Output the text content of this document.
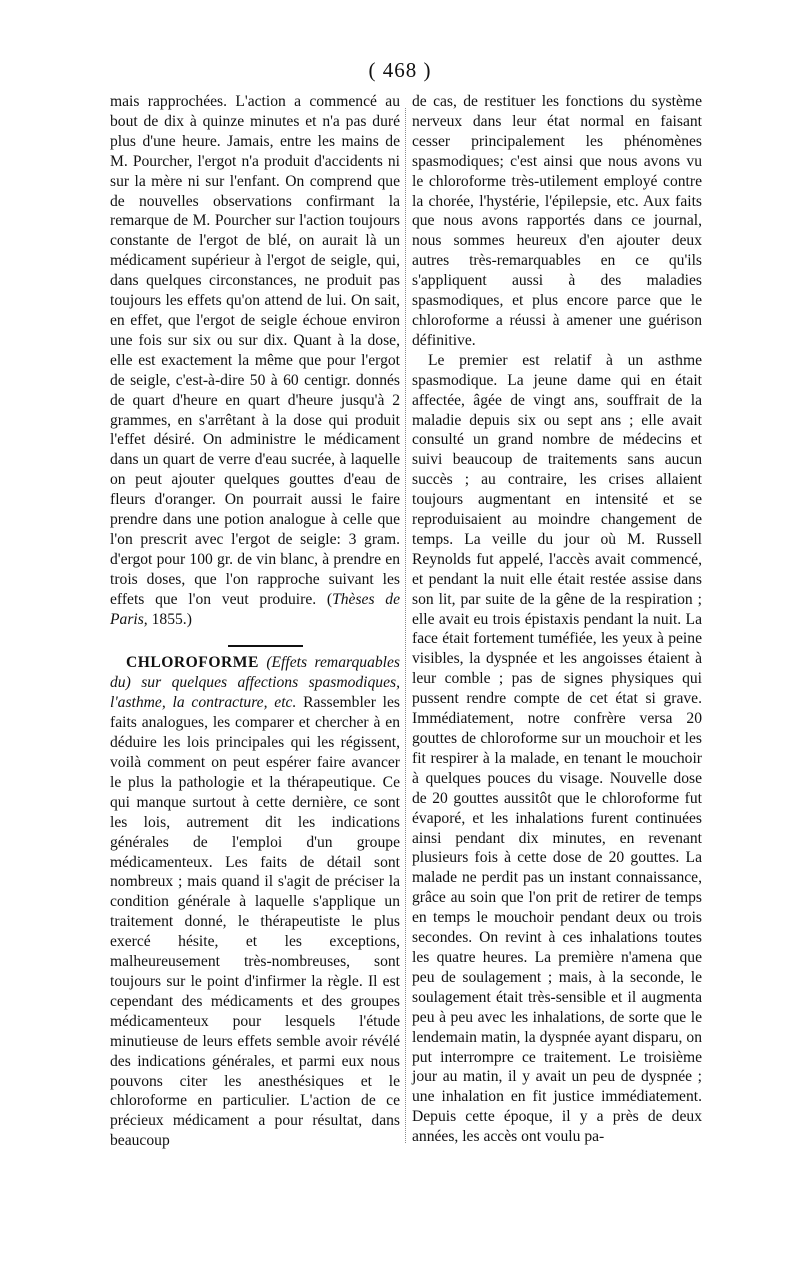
( 468 )

mais rapprochées. L'action a commencé au bout de dix à quinze minutes et n'a pas duré plus d'une heure. Jamais, entre les mains de M. Pourcher, l'ergot n'a produit d'accidents ni sur la mère ni sur l'enfant. On comprend que de nouvelles observations confirmant la remarque de M. Pourcher sur l'action toujours constante de l'ergot de blé, on aurait là un médicament supérieur à l'ergot de seigle, qui, dans quelques circonstances, ne produit pas toujours les effets qu'on attend de lui. On sait, en effet, que l'ergot de seigle échoue environ une fois sur six ou sur dix. Quant à la dose, elle est exactement la même que pour l'ergot de seigle, c'est-à-dire 50 à 60 centigr. donnés de quart d'heure en quart d'heure jusqu'à 2 grammes, en s'arrêtant à la dose qui produit l'effet désiré. On administre le médicament dans un quart de verre d'eau sucrée, à laquelle on peut ajouter quelques gouttes d'eau de fleurs d'oranger. On pourrait aussi le faire prendre dans une potion analogue à celle que l'on prescrit avec l'ergot de seigle: 3 gram. d'ergot pour 100 gr. de vin blanc, à prendre en trois doses, que l'on rapproche suivant les effets que l'on veut produire. (Thèses de Paris, 1855.)

CHLOROFORME (Effets remarquables du) sur quelques affections spasmodiques, l'asthme, la contracture, etc. Rassembler les faits analogues, les comparer et chercher à en déduire les lois principales qui les régissent, voilà comment on peut espérer faire avancer le plus la pathologie et la thérapeutique. Ce qui manque surtout à cette dernière, ce sont les lois, autrement dit les indications générales de l'emploi d'un groupe médicamenteux. Les faits de détail sont nombreux ; mais quand il s'agit de préciser la condition générale à laquelle s'applique un traitement donné, le thérapeutiste le plus exercé hésite, et les exceptions, malheureusement très-nombreuses, sont toujours sur le point d'infirmer la règle. Il est cependant des médicaments et des groupes médicamenteux pour lesquels l'étude minutieuse de leurs effets semble avoir révélé des indications générales, et parmi eux nous pouvons citer les anesthésiques et le chloroforme en particulier. L'action de ce précieux médicament a pour résultat, dans beaucoup

de cas, de restituer les fonctions du système nerveux dans leur état normal en faisant cesser principalement les phénomènes spasmodiques; c'est ainsi que nous avons vu le chloroforme très-utilement employé contre la chorée, l'hystérie, l'épilepsie, etc. Aux faits que nous avons rapportés dans ce journal, nous sommes heureux d'en ajouter deux autres très-remarquables en ce qu'ils s'appliquent aussi à des maladies spasmodiques, et plus encore parce que le chloroforme a réussi à amener une guérison définitive.

Le premier est relatif à un asthme spasmodique. La jeune dame qui en était affectée, âgée de vingt ans, souffrait de la maladie depuis six ou sept ans ; elle avait consulté un grand nombre de médecins et suivi beaucoup de traitements sans aucun succès ; au contraire, les crises allaient toujours augmentant en intensité et se reproduisaient au moindre changement de temps. La veille du jour où M. Russell Reynolds fut appelé, l'accès avait commencé, et pendant la nuit elle était restée assise dans son lit, par suite de la gêne de la respiration ; elle avait eu trois épistaxis pendant la nuit. La face était fortement tuméfiée, les yeux à peine visibles, la dyspnée et les angoisses étaient à leur comble ; pas de signes physiques qui pussent rendre compte de cet état si grave. Immédiatement, notre confrère versa 20 gouttes de chloroforme sur un mouchoir et les fit respirer à la malade, en tenant le mouchoir à quelques pouces du visage. Nouvelle dose de 20 gouttes aussitôt que le chloroforme fut évaporé, et les inhalations furent continuées ainsi pendant dix minutes, en revenant plusieurs fois à cette dose de 20 gouttes. La malade ne perdit pas un instant connaissance, grâce au soin que l'on prit de retirer de temps en temps le mouchoir pendant deux ou trois secondes. On revint à ces inhalations toutes les quatre heures. La première n'amena que peu de soulagement ; mais, à la seconde, le soulagement était très-sensible et il augmenta peu à peu avec les inhalations, de sorte que le lendemain matin, la dyspnée ayant disparu, on put interrompre ce traitement. Le troisième jour au matin, il y avait un peu de dyspnée ; une inhalation en fit justice immédiatement. Depuis cette époque, il y a près de deux années, les accès ont voulu pa-
